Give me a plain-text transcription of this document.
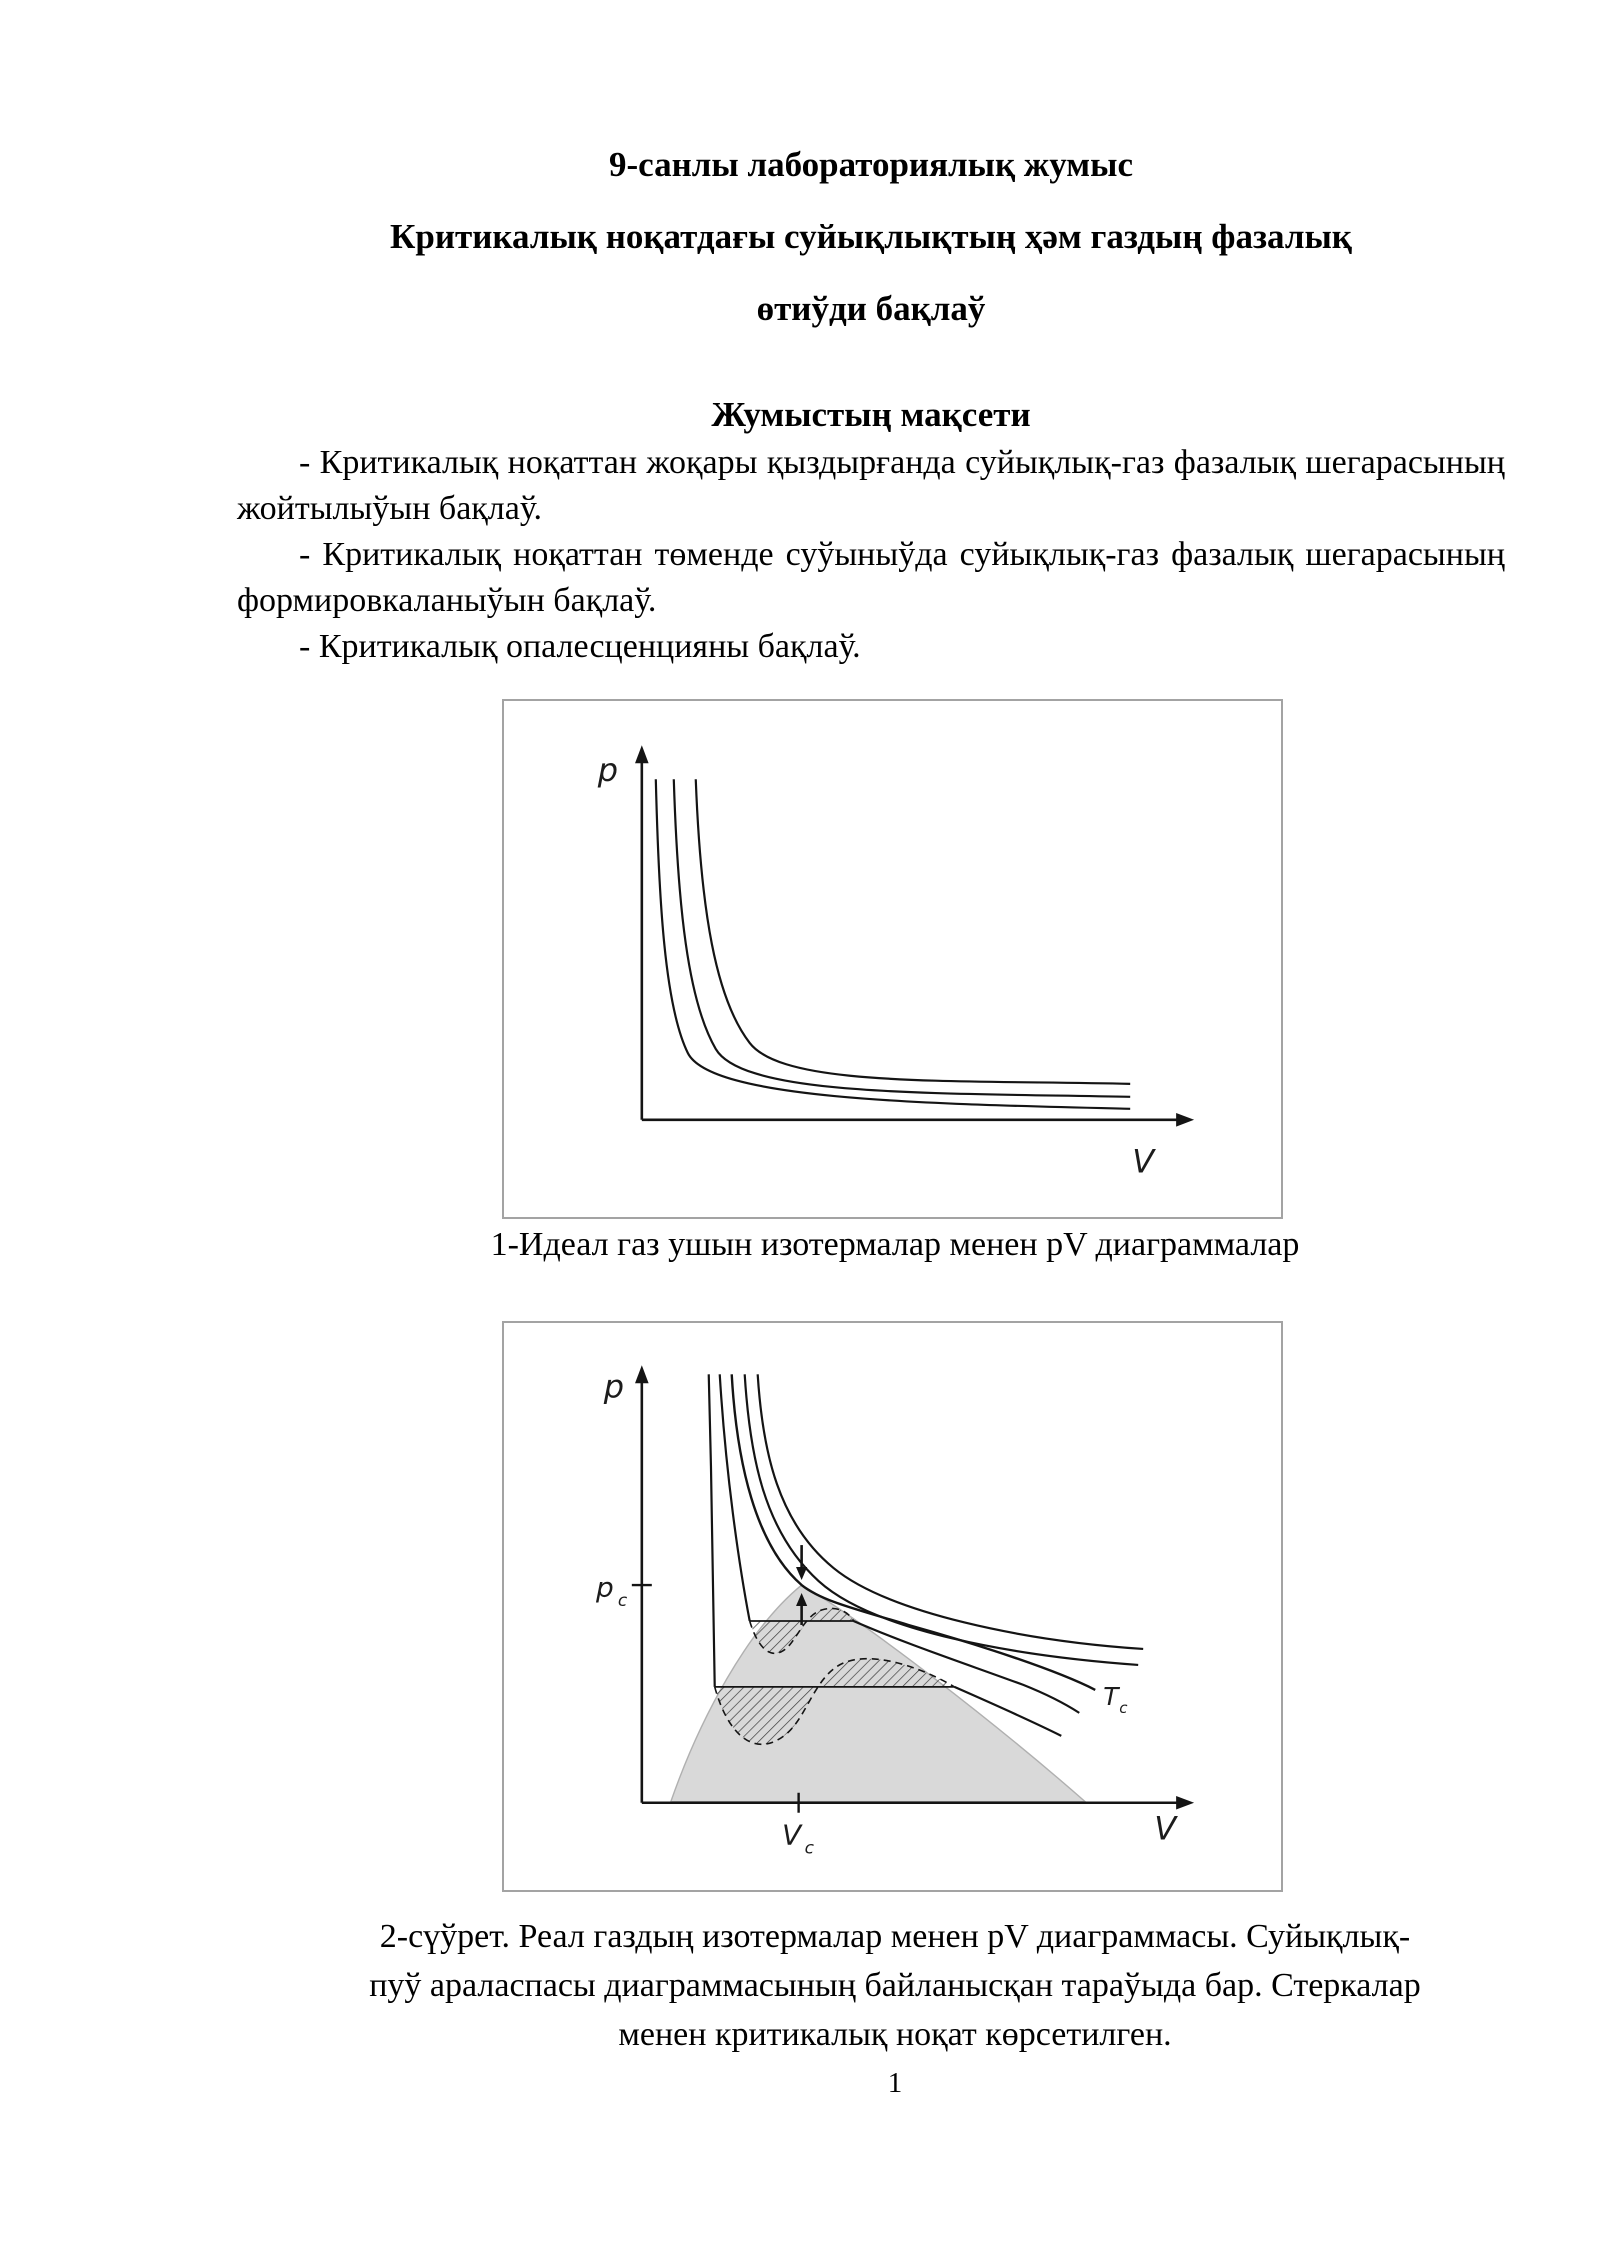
9-санлы лабораториялық жумыс
Критикалық ноқатдағы суйықлықтың ҳәм газдың фазалық
өтиўди бақлаў
Жумыстың мақсети

- Критикалық ноқаттан жоқары қыздырғанда суйықлық-газ фазалық шегарасының жойтылыўын бақлаў.

- Критикалық ноқаттан төменде суўыныўда суйықлық-газ фазалық шегарасының формировкаланыўын бақлаў.

- Критикалық опалесценцияны бақлаў.

p
V
1-Идеал газ ушын изотермалар менен pV диаграммалар
p
V
p c
V c
T c
2-сүўрет. Реал газдың изотермалар менен pV диаграммасы. Суйықлық-
пуў араласпасы диаграммасының байланысқан тараўыда бар. Стеркалар
менен критикалық ноқат көрсетилген.
1
